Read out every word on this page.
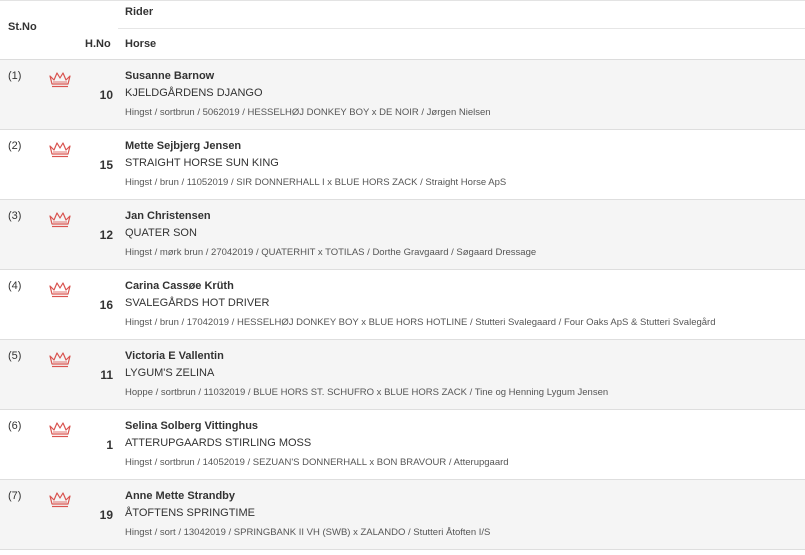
St.No
Rider
H.No Horse
(1)
10
Susanne Barnow
KJELDGÅRDENS DJANGO
Hingst / sortbrun / 5062019 / HESSELHØJ DONKEY BOY x DE NOIR / Jørgen Nielsen
(2)
15
Mette Sejbjerg Jensen
STRAIGHT HORSE SUN KING
Hingst / brun / 11052019 / SIR DONNERHALL I x BLUE HORS ZACK / Straight Horse ApS
(3)
12
Jan Christensen
QUATER SON
Hingst / mørk brun / 27042019 / QUATERHIT x TOTILAS / Dorthe Gravgaard / Søgaard Dressage
(4)
16
Carina Cassøe Krüth
SVALEGÅRDS HOT DRIVER
Hingst / brun / 17042019 / HESSELHØJ DONKEY BOY x BLUE HORS HOTLINE / Stutteri Svalegaard / Four Oaks ApS & Stutteri Svalegård
(5)
11
Victoria E Vallentin
LYGUM'S ZELINA
Hoppe / sortbrun / 11032019 / BLUE HORS ST. SCHUFRO x BLUE HORS ZACK / Tine og Henning Lygum Jensen
(6)
1
Selina Solberg Vittinghus
ATTERUPGAARDS STIRLING MOSS
Hingst / sortbrun / 14052019 / SEZUAN'S DONNERHALL x BON BRAVOUR / Atterupgaard
(7)
19
Anne Mette Strandby
ÅTOFTENS SPRINGTIME
Hingst / sort / 13042019 / SPRINGBANK II VH (SWB) x ZALANDO / Stutteri Åtoften I/S
